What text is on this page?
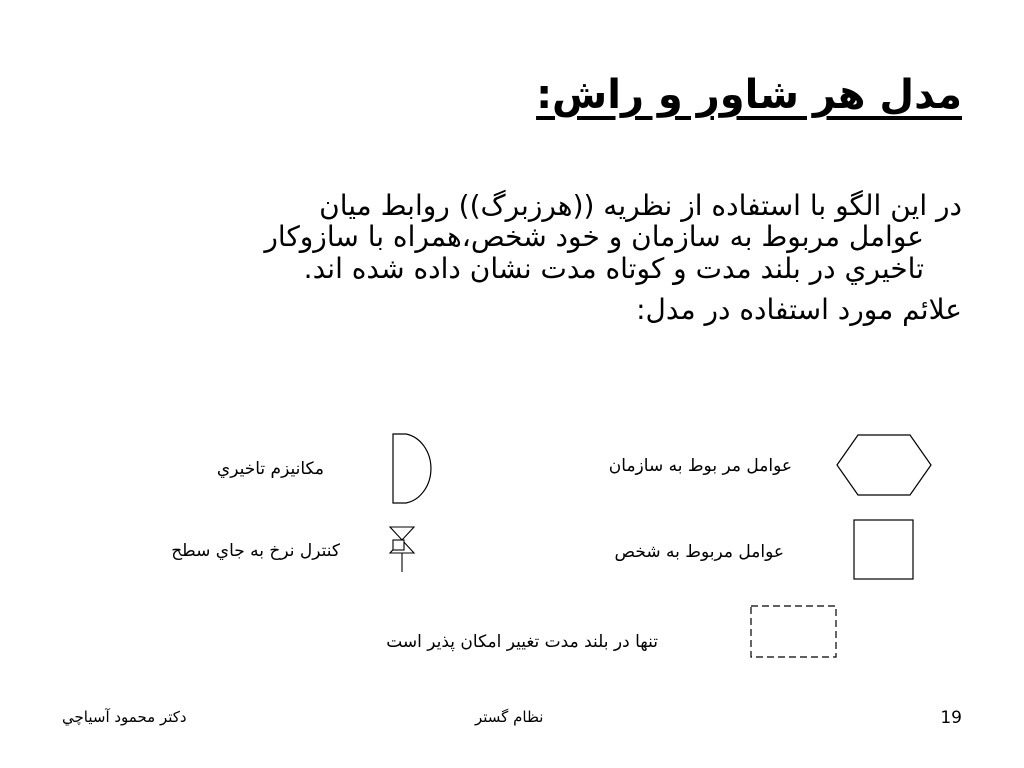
مدل هر شاور و راش:

در اين الگو با استفاده از نظريه ((هرزبرگ)) روابط ميان
عوامل مربوط به سازمان و خود شخص،همراه با سازوكار
تاخيري در بلند مدت و كوتاه مدت نشان داده شده اند.

علائم مورد استفاده در مدل:

عوامل مر بوط به سازمان
مكانيزم تاخيري
عوامل مربوط به شخص
كنترل نرخ به جاي سطح
تنها در بلند مدت تغيير امكان پذير است
دكتر محمود آسياچي	نظام گستر	19
